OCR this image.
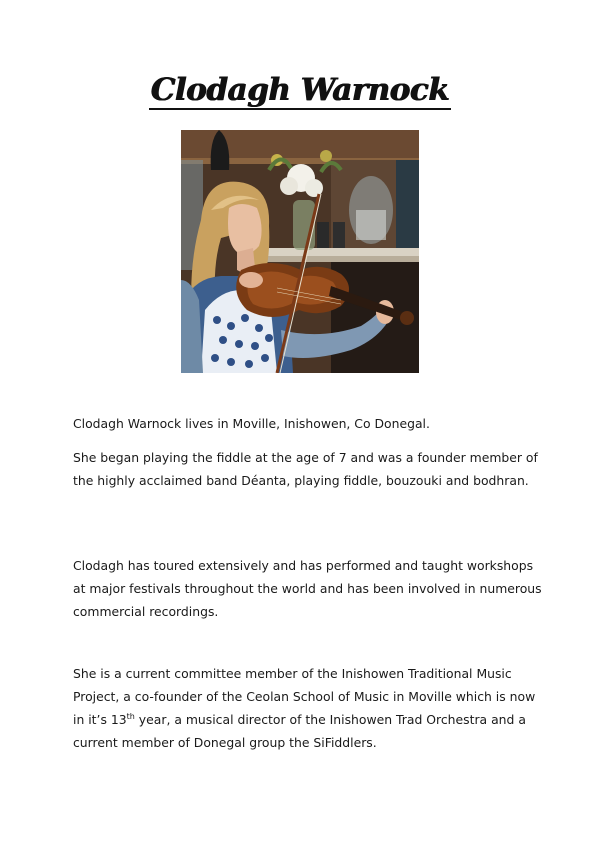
Clodagh Warnock

Clodagh Warnock lives in Moville, Inishowen, Co Donegal.

She began playing the fiddle at the age of 7 and was a founder member of the highly acclaimed band Déanta, playing fiddle, bouzouki and bodhran.

Clodagh has toured extensively and has performed and taught workshops at major festivals throughout the world and has been involved in numerous commercial recordings.

She is a current committee member of the Inishowen Traditional Music Project, a co-founder of the Ceolan School of Music in Moville which is now in it’s 13th year, a musical director of the Inishowen Trad Orchestra and a current member of Donegal group the SiFiddlers.
